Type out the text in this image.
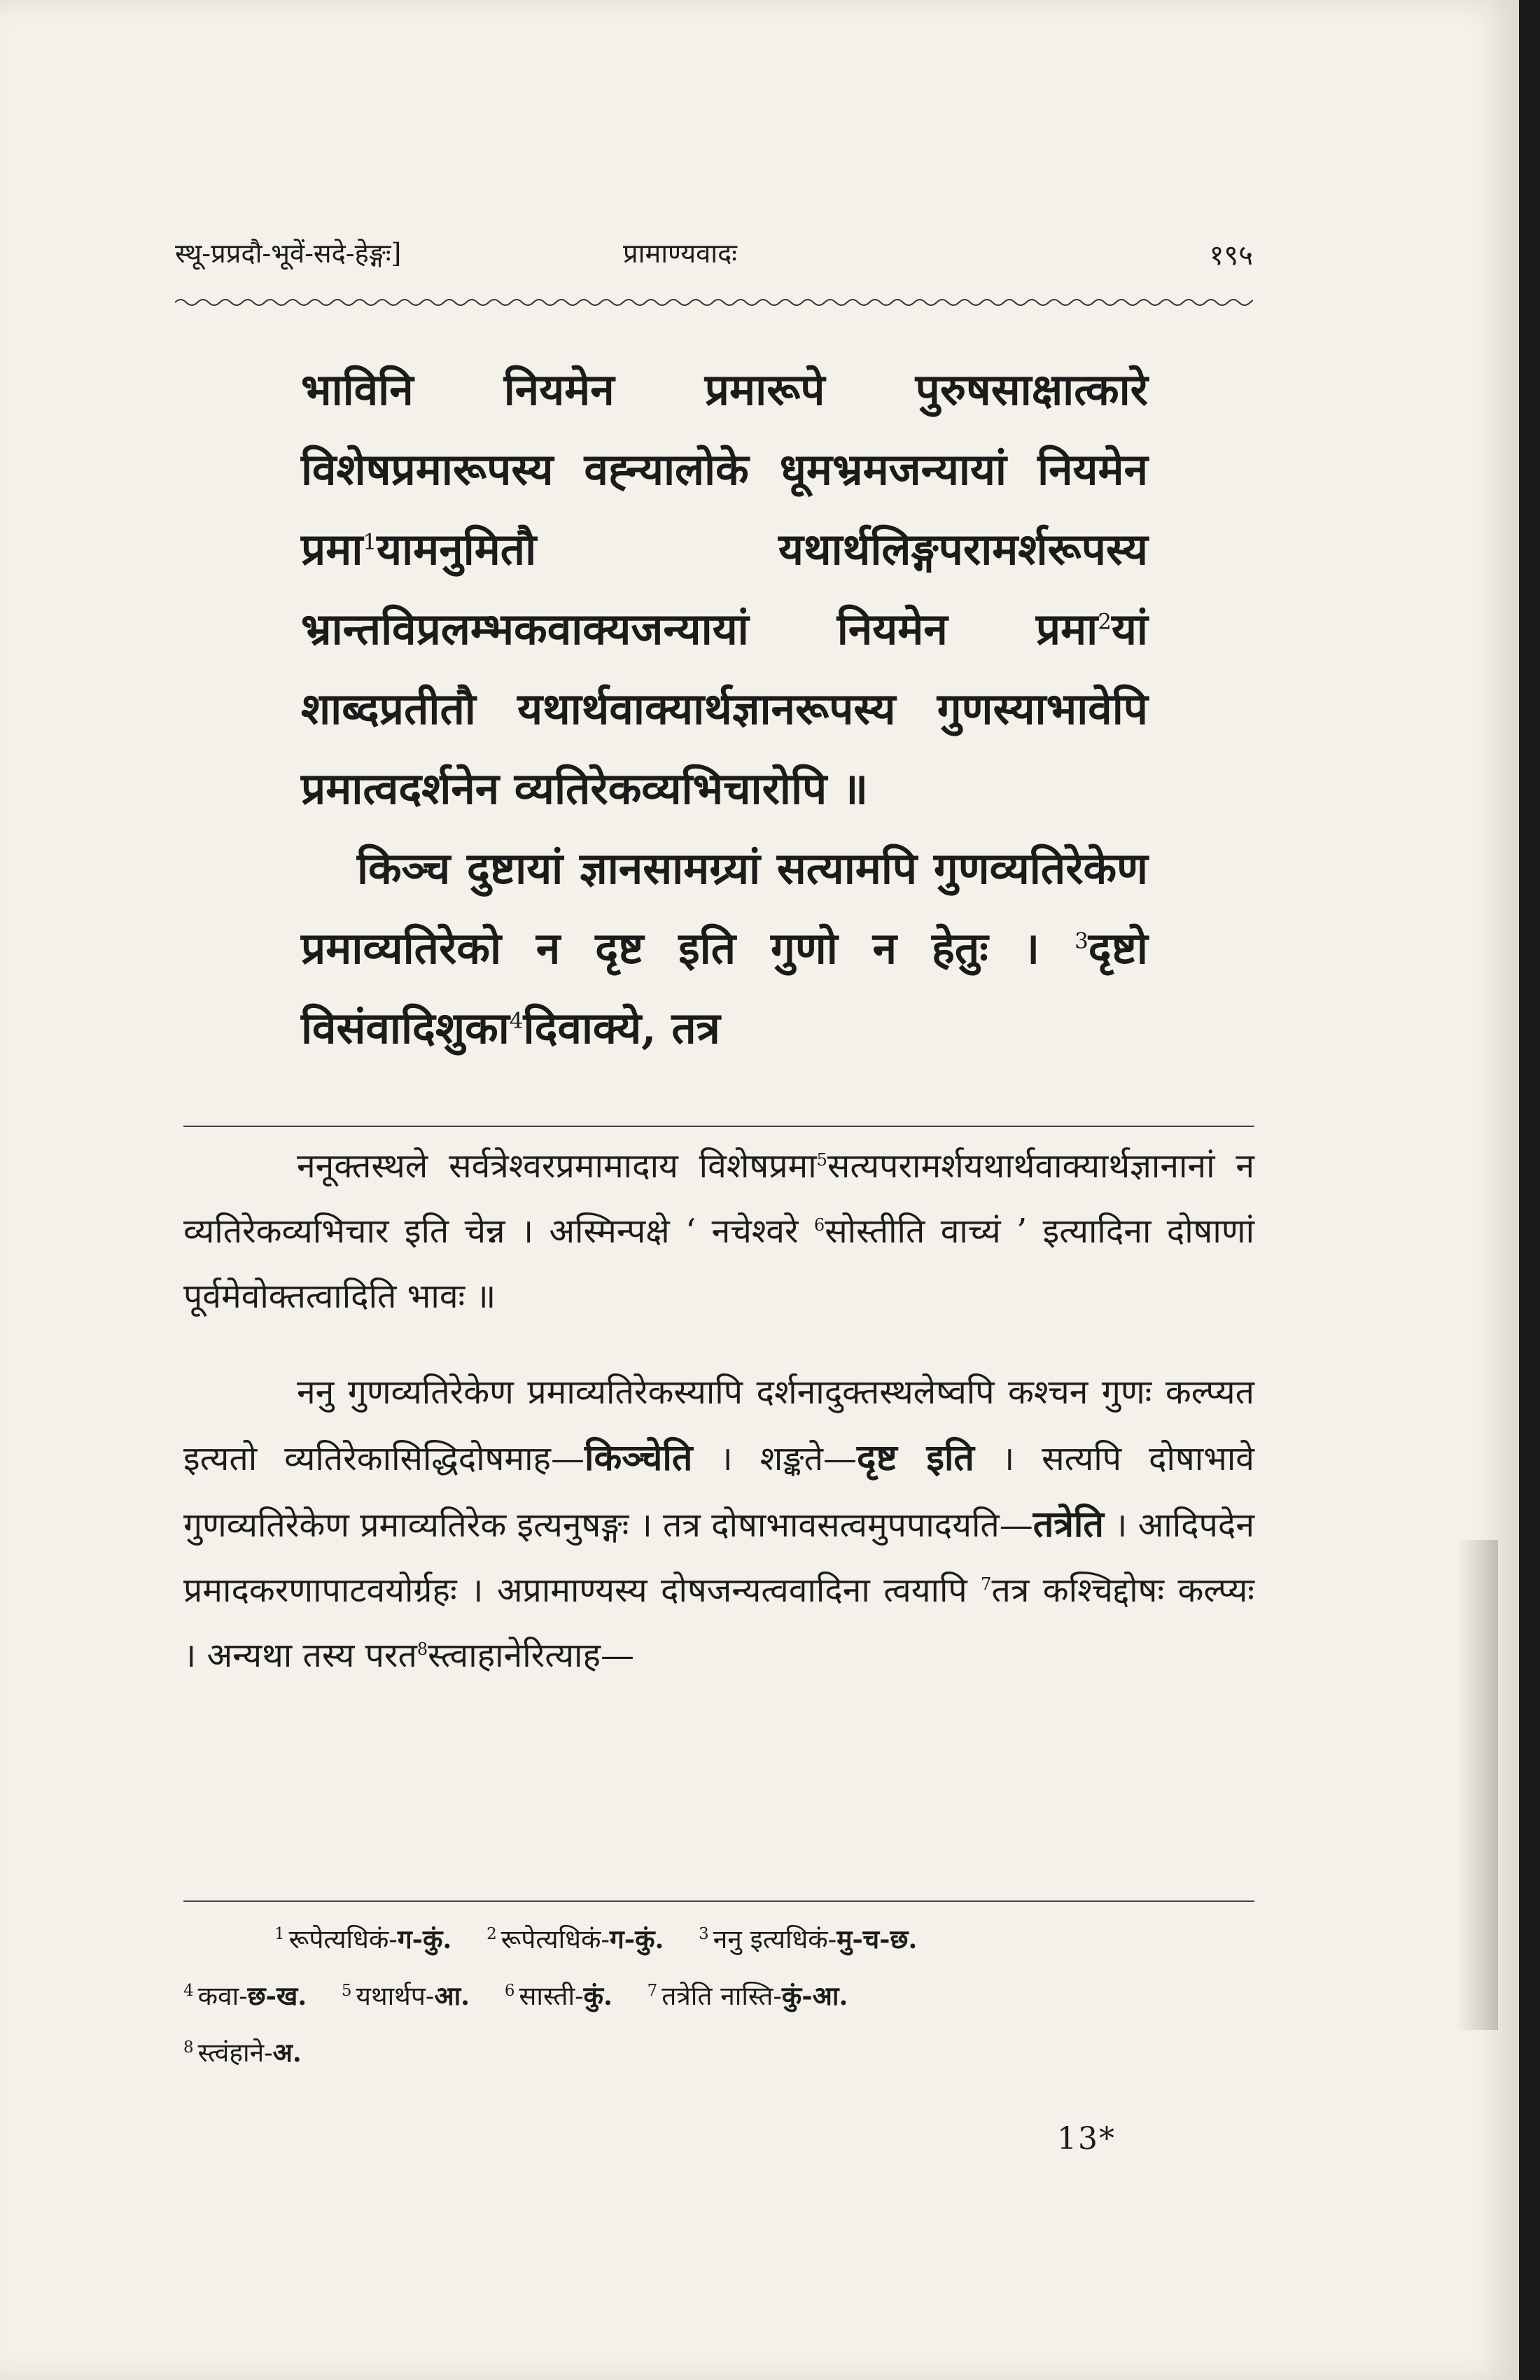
स्थू-प्रप्रदौ-भूवें-सदे-हेङ्गः]	प्रामाण्यवादः	१९५

भाविनि नियमेन प्रमारूपे पुरुषसाक्षात्कारे विशेषप्रमारूपस्य वह्न्यालोके धूमभ्रमजन्यायां नियमेन प्रमा$^1$यामनुमितौ यथार्थलिङ्गपरामर्शरूपस्य भ्रान्तविप्रलम्भकवाक्यजन्यायां नियमेन प्रमा$^2$यां शाब्दप्रतीतौ यथार्थवाक्यार्थज्ञानरूपस्य गुणस्याभावेपि प्रमात्वदर्शनेन व्यतिरेकव्यभिचारोपि ॥

किञ्च दुष्टायां ज्ञानसामग्र्यां सत्यामपि गुणव्यतिरेकेण प्रमाव्यतिरेको न दृष्ट इति गुणो न हेतुः । $^3$दृष्टो विसंवादिशुका$^4$दिवाक्ये, तत्र

ननूक्तस्थले सर्वत्रेश्वरप्रमामादाय विशेषप्रमा$^5$सत्यपरामर्शयथार्थवाक्यार्थज्ञानानां न व्यतिरेकव्यभिचार इति चेन्न । अस्मिन्पक्षे ‘ नचेश्वरे $^6$सोस्तीति वाच्यं ’ इत्यादिना दोषाणां पूर्वमेवोक्तत्वादिति भावः ॥

ननु गुणव्यतिरेकेण प्रमाव्यतिरेकस्यापि दर्शनादुक्तस्थलेष्वपि कश्चन गुणः कल्प्यत इत्यतो व्यतिरेकासिद्धिदोषमाह—किञ्चेति । शङ्कते—दृष्ट इति । सत्यपि दोषाभावे गुणव्यतिरेकेण प्रमाव्यतिरेक इत्यनुषङ्गः । तत्र दोषाभावसत्वमुपपादयति—तत्रेति । आदिपदेन प्रमादकरणापाटवयोर्ग्रहः । अप्रामाण्यस्य दोषजन्यत्ववादिना त्वयापि $^7$तत्र कश्चिद्दोषः कल्प्यः । अन्यथा तस्य परत$^8$स्त्वाहानेरित्याह—

$^1$ रूपेत्यधिकं-ग-कुं. $^2$ रूपेत्यधिकं-ग-कुं. $^3$ ननु इत्यधिकं-मु-च-छ.
$^4$ कवा-छ-ख. $^5$ यथार्थप-आ. $^6$ सास्ती-कुं. $^7$ तत्रेति नास्ति-कुं-आ.
$^8$ स्त्वंहाने-अ.
13*
